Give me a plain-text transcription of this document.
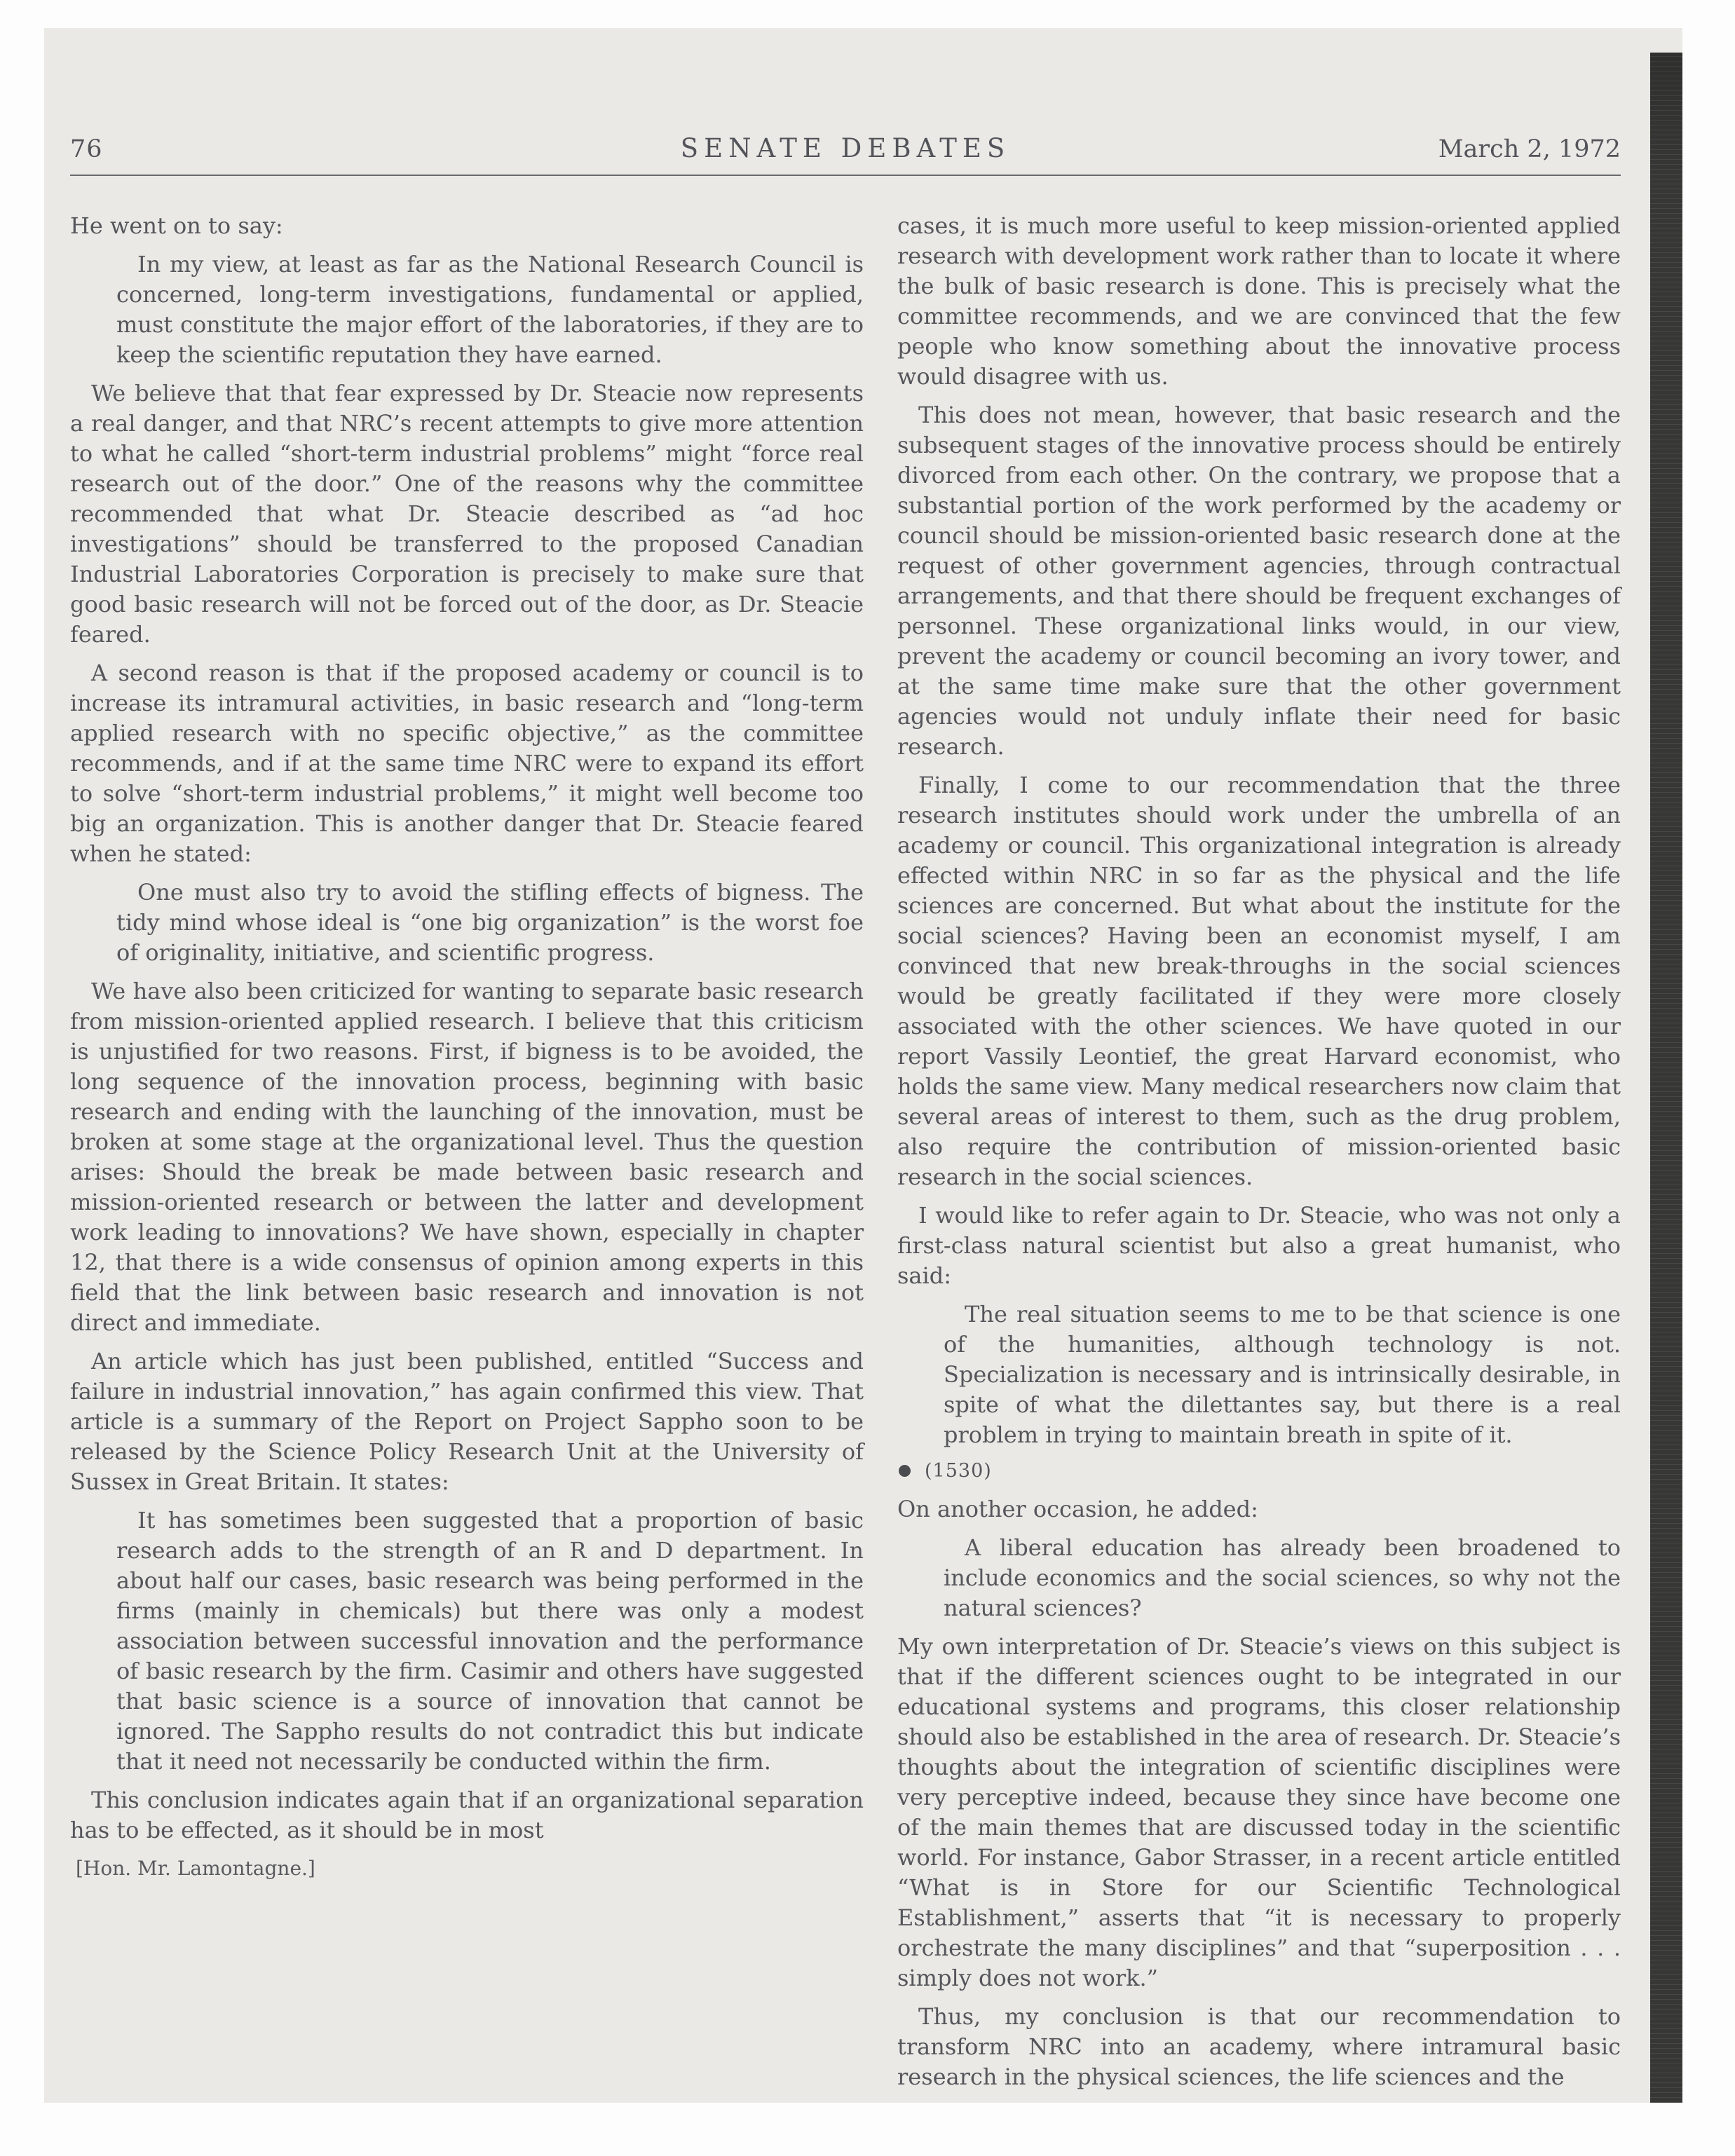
76	SENATE DEBATES	March 2, 1972

He went on to say:

In my view, at least as far as the National Research Council is concerned, long-term investigations, fundamental or applied, must constitute the major effort of the laboratories, if they are to keep the scientific reputation they have earned.

We believe that that fear expressed by Dr. Steacie now represents a real danger, and that NRC’s recent attempts to give more attention to what he called “short-term industrial problems” might “force real research out of the door.” One of the reasons why the committee recommended that what Dr. Steacie described as “ad hoc investigations” should be transferred to the proposed Canadian Industrial Laboratories Corporation is precisely to make sure that good basic research will not be forced out of the door, as Dr. Steacie feared.

A second reason is that if the proposed academy or council is to increase its intramural activities, in basic research and “long-term applied research with no specific objective,” as the committee recommends, and if at the same time NRC were to expand its effort to solve “short-term industrial problems,” it might well become too big an organization. This is another danger that Dr. Steacie feared when he stated:

One must also try to avoid the stifling effects of bigness. The tidy mind whose ideal is “one big organization” is the worst foe of originality, initiative, and scientific progress.

We have also been criticized for wanting to separate basic research from mission-oriented applied research. I believe that this criticism is unjustified for two reasons. First, if bigness is to be avoided, the long sequence of the innovation process, beginning with basic research and ending with the launching of the innovation, must be broken at some stage at the organizational level. Thus the question arises: Should the break be made between basic research and mission-oriented research or between the latter and development work leading to innovations? We have shown, especially in chapter 12, that there is a wide consensus of opinion among experts in this field that the link between basic research and innovation is not direct and immediate.

An article which has just been published, entitled “Success and failure in industrial innovation,” has again confirmed this view. That article is a summary of the Report on Project Sappho soon to be released by the Science Policy Research Unit at the University of Sussex in Great Britain. It states:

It has sometimes been suggested that a proportion of basic research adds to the strength of an R and D department. In about half our cases, basic research was being performed in the firms (mainly in chemicals) but there was only a modest association between successful innovation and the performance of basic research by the firm. Casimir and others have suggested that basic science is a source of innovation that cannot be ignored. The Sappho results do not contradict this but indicate that it need not necessarily be conducted within the firm.

This conclusion indicates again that if an organizational separation has to be effected, as it should be in most

[Hon. Mr. Lamontagne.]

cases, it is much more useful to keep mission-oriented applied research with development work rather than to locate it where the bulk of basic research is done. This is precisely what the committee recommends, and we are convinced that the few people who know something about the innovative process would disagree with us.

This does not mean, however, that basic research and the subsequent stages of the innovative process should be entirely divorced from each other. On the contrary, we propose that a substantial portion of the work performed by the academy or council should be mission-oriented basic research done at the request of other government agencies, through contractual arrangements, and that there should be frequent exchanges of personnel. These organizational links would, in our view, prevent the academy or council becoming an ivory tower, and at the same time make sure that the other government agencies would not unduly inflate their need for basic research.

Finally, I come to our recommendation that the three research institutes should work under the umbrella of an academy or council. This organizational integration is already effected within NRC in so far as the physical and the life sciences are concerned. But what about the institute for the social sciences? Having been an economist myself, I am convinced that new break-throughs in the social sciences would be greatly facilitated if they were more closely associated with the other sciences. We have quoted in our report Vassily Leontief, the great Harvard economist, who holds the same view. Many medical researchers now claim that several areas of interest to them, such as the drug problem, also require the contribution of mission-oriented basic research in the social sciences.

I would like to refer again to Dr. Steacie, who was not only a first-class natural scientist but also a great humanist, who said:

The real situation seems to me to be that science is one of the humanities, although technology is not. Specialization is necessary and is intrinsically desirable, in spite of what the dilettantes say, but there is a real problem in trying to maintain breath in spite of it.

(1530)

On another occasion, he added:

A liberal education has already been broadened to include economics and the social sciences, so why not the natural sciences?

My own interpretation of Dr. Steacie’s views on this subject is that if the different sciences ought to be integrated in our educational systems and programs, this closer relationship should also be established in the area of research. Dr. Steacie’s thoughts about the integration of scientific disciplines were very perceptive indeed, because they since have become one of the main themes that are discussed today in the scientific world. For instance, Gabor Strasser, in a recent article entitled “What is in Store for our Scientific Technological Establishment,” asserts that “it is necessary to properly orchestrate the many disciplines” and that “superposition . . . simply does not work.”

Thus, my conclusion is that our recommendation to transform NRC into an academy, where intramural basic research in the physical sciences, the life sciences and the
